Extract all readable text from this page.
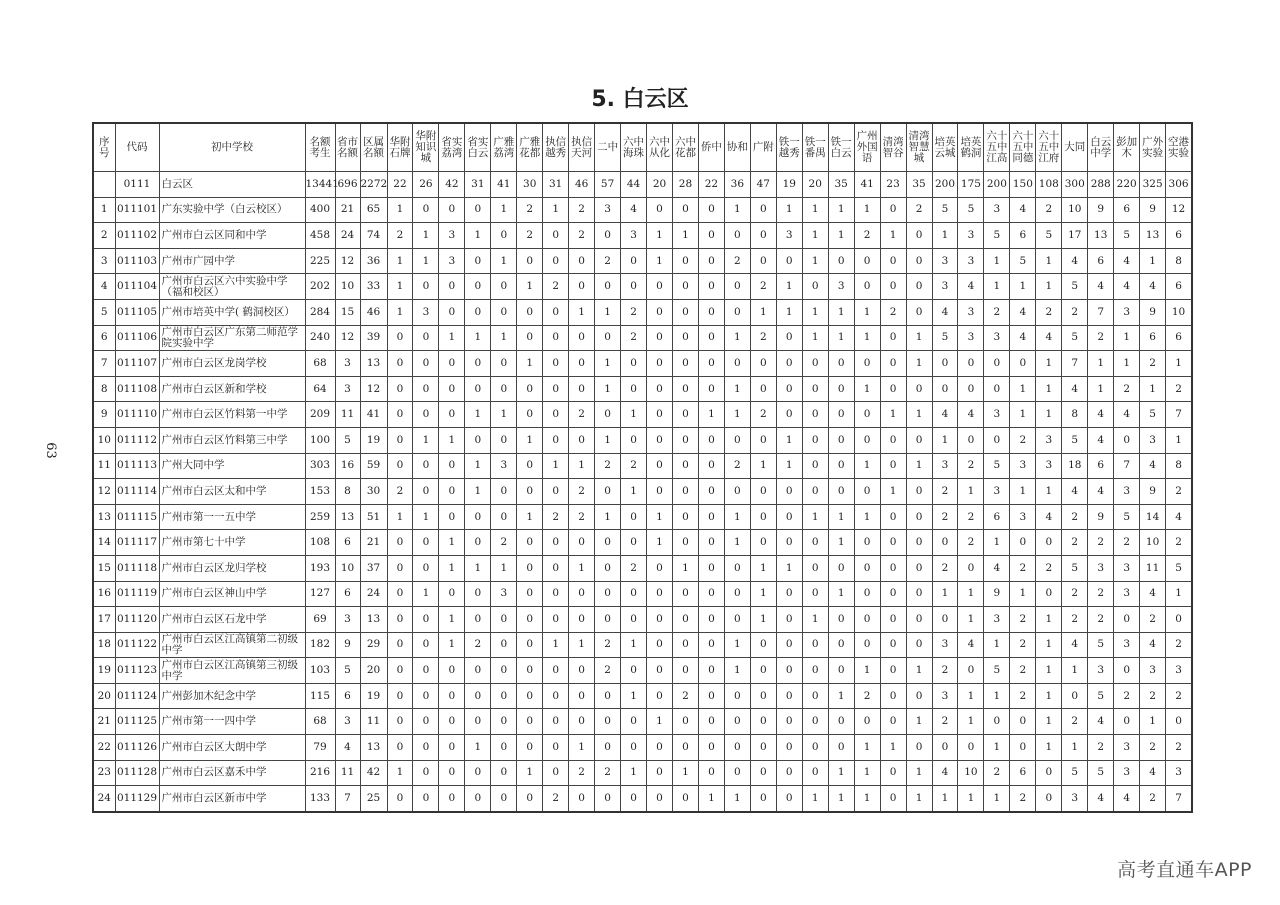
5. 白云区
63
序号	代码	初中学校	名额考生	省市名额	区属名额	华附石牌	华附知识城	省实荔湾	省实白云	广雅荔湾	广雅花都	执信越秀	执信天河	二中	六中海珠	六中从化	六中花都	侨中	协和	广附	铁一越秀	铁一番禺	铁一白云	广州外国语	清湾智谷	清湾智慧城	培英云城	培英鹤洞	六十五中江高	六十五中同德	六十五中江府	大同	白云中学	彭加木	广外实验	空港实验
	0111	白云区	13441	696	2272	22	26	42	31	41	30	31	46	57	44	20	28	22	36	47	19	20	35	41	23	35	200	175	200	150	108	300	288	220	325	306
1	011101	广东实验中学（白云校区）	400	21	65	1	0	0	0	1	2	1	2	3	4	0	0	0	1	0	1	1	1	1	0	2	5	5	3	4	2	10	9	6	9	12
2	011102	广州市白云区同和中学	458	24	74	2	1	3	1	0	2	0	2	0	3	1	1	0	0	0	3	1	1	2	1	0	1	3	5	6	5	17	13	5	13	6
3	011103	广州市广园中学	225	12	36	1	1	3	0	1	0	0	0	2	0	1	0	0	2	0	0	1	0	0	0	0	3	3	1	5	1	4	6	4	1	8
4	011104	广州市白云区六中实验中学（福和校区）	202	10	33	1	0	0	0	0	1	2	0	0	0	0	0	0	0	2	1	0	3	0	0	0	3	4	1	1	1	5	4	4	4	6
5	011105	广州市培英中学( 鹤洞校区）	284	15	46	1	3	0	0	0	0	0	1	1	2	0	0	0	0	1	1	1	1	1	2	0	4	3	2	4	2	2	7	3	9	10
6	011106	广州市白云区广东第二师范学院实验中学	240	12	39	0	0	1	1	1	0	0	0	0	2	0	0	0	1	2	0	1	1	1	0	1	5	3	3	4	4	5	2	1	6	6
7	011107	广州市白云区龙岗学校	68	3	13	0	0	0	0	0	1	0	0	1	0	0	0	0	0	0	0	0	0	0	0	1	0	0	0	0	1	7	1	1	2	1
8	011108	广州市白云区新和学校	64	3	12	0	0	0	0	0	0	0	0	1	0	0	0	0	1	0	0	0	0	1	0	0	0	0	0	1	1	4	1	2	1	2
9	011110	广州市白云区竹料第一中学	209	11	41	0	0	0	1	1	0	0	2	0	1	0	0	1	1	2	0	0	0	0	1	1	4	4	3	1	1	8	4	4	5	7
10	011112	广州市白云区竹料第三中学	100	5	19	0	1	1	0	0	1	0	0	1	0	0	0	0	0	0	1	0	0	0	0	0	1	0	0	2	3	5	4	0	3	1
11	011113	广州大同中学	303	16	59	0	0	0	1	3	0	1	1	2	2	0	0	0	2	1	1	0	0	1	0	1	3	2	5	3	3	18	6	7	4	8
12	011114	广州市白云区太和中学	153	8	30	2	0	0	1	0	0	0	2	0	1	0	0	0	0	0	0	0	0	0	1	0	2	1	3	1	1	4	4	3	9	2
13	011115	广州市第一一五中学	259	13	51	1	1	0	0	0	1	2	2	1	0	1	0	0	1	0	0	1	1	1	0	0	2	2	6	3	4	2	9	5	14	4
14	011117	广州市第七十中学	108	6	21	0	0	1	0	2	0	0	0	0	0	1	0	0	1	0	0	0	1	0	0	0	0	2	1	0	0	2	2	2	10	2
15	011118	广州市白云区龙归学校	193	10	37	0	0	1	1	1	0	0	1	0	2	0	1	0	0	1	1	0	0	0	0	0	2	0	4	2	2	5	3	3	11	5
16	011119	广州市白云区神山中学	127	6	24	0	1	0	0	3	0	0	0	0	0	0	0	0	0	1	0	0	1	0	0	0	1	1	9	1	0	2	2	3	4	1
17	011120	广州市白云区石龙中学	69	3	13	0	0	1	0	0	0	0	0	0	0	0	0	0	0	1	0	1	0	0	0	0	0	1	3	2	1	2	2	0	2	0
18	011122	广州市白云区江高镇第二初级中学	182	9	29	0	0	1	2	0	0	1	1	2	1	0	0	0	1	0	0	0	0	0	0	0	3	4	1	2	1	4	5	3	4	2
19	011123	广州市白云区江高镇第三初级中学	103	5	20	0	0	0	0	0	0	0	0	2	0	0	0	0	1	0	0	0	0	1	0	1	2	0	5	2	1	1	3	0	3	3
20	011124	广州彭加木纪念中学	115	6	19	0	0	0	0	0	0	0	0	0	1	0	2	0	0	0	0	0	1	2	0	0	3	1	1	2	1	0	5	2	2	2
21	011125	广州市第一一四中学	68	3	11	0	0	0	0	0	0	0	0	0	0	1	0	0	0	0	0	0	0	0	0	1	2	1	0	0	1	2	4	0	1	0
22	011126	广州市白云区大朗中学	79	4	13	0	0	0	1	0	0	0	1	0	0	0	0	0	0	0	0	0	0	1	1	0	0	0	1	0	1	1	2	3	2	2
23	011128	广州市白云区嘉禾中学	216	11	42	1	0	0	0	0	1	0	2	2	1	0	1	0	0	0	0	0	1	1	0	1	4	10	2	6	0	5	5	3	4	3
24	011129	广州市白云区新市中学	133	7	25	0	0	0	0	0	0	2	0	0	0	0	0	1	1	0	0	1	1	1	0	1	1	1	1	2	0	3	4	4	2	7
高考直通车APP
